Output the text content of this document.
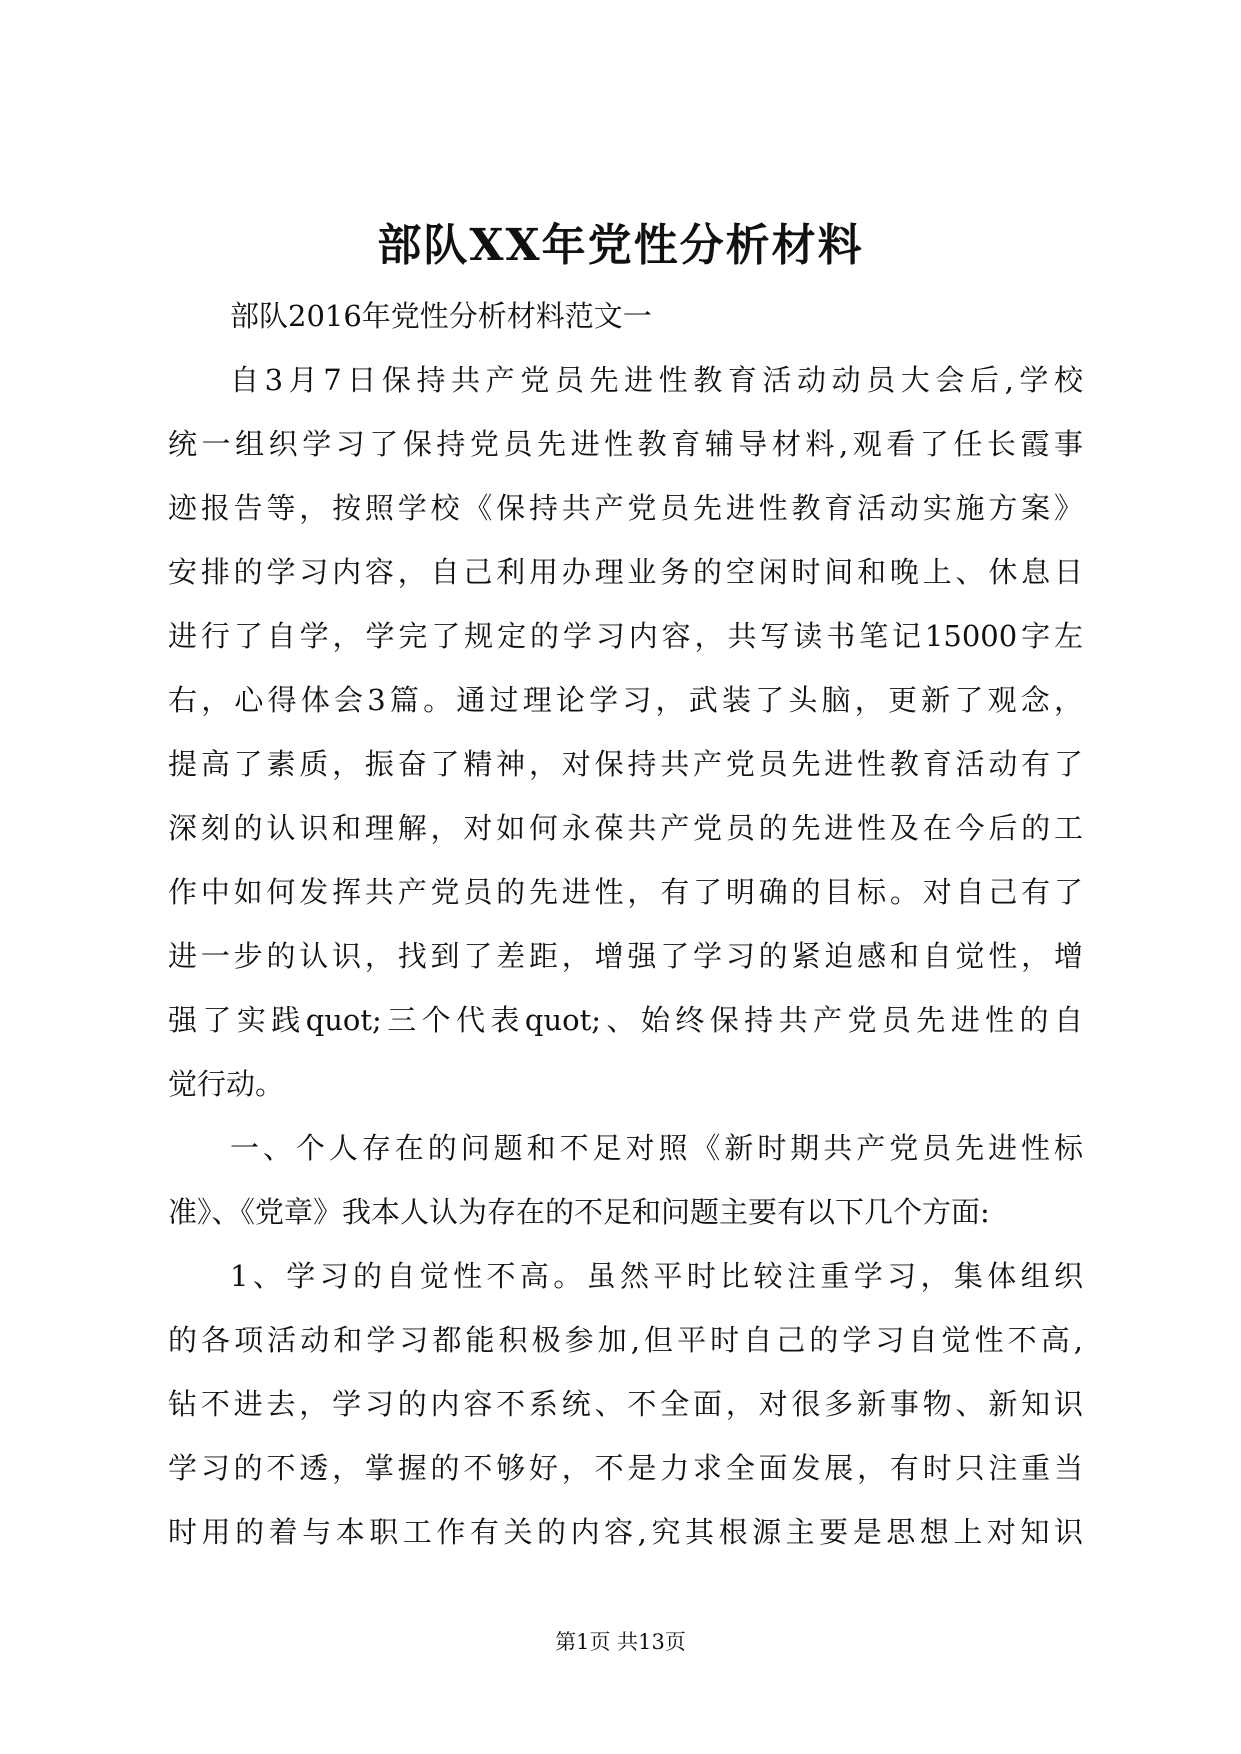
部队XX年党性分析材料
部队2016年党性分析材料范文一
自3月7日保持共产党员先进性教育活动动员大会后,学校
统一组织学习了保持党员先进性教育辅导材料,观看了任长霞事
迹报告等，按照学校《保持共产党员先进性教育活动实施方案》
安排的学习内容，自己利用办理业务的空闲时间和晚上、休息日
进行了自学，学完了规定的学习内容，共写读书笔记15000字左
右，心得体会3篇。通过理论学习，武装了头脑，更新了观念，
提高了素质，振奋了精神，对保持共产党员先进性教育活动有了
深刻的认识和理解，对如何永葆共产党员的先进性及在今后的工
作中如何发挥共产党员的先进性，有了明确的目标。对自己有了
进一步的认识，找到了差距，增强了学习的紧迫感和自觉性，增
强了实践quot;三个代表quot;、始终保持共产党员先进性的自
觉行动。
一、个人存在的问题和不足对照《新时期共产党员先进性标
准》、《党章》我本人认为存在的不足和问题主要有以下几个方面:
1、学习的自觉性不高。虽然平时比较注重学习，集体组织
的各项活动和学习都能积极参加,但平时自己的学习自觉性不高,
钻不进去，学习的内容不系统、不全面，对很多新事物、新知识
学习的不透，掌握的不够好，不是力求全面发展，有时只注重当
时用的着与本职工作有关的内容,究其根源主要是思想上对知识
第1页 共13页
